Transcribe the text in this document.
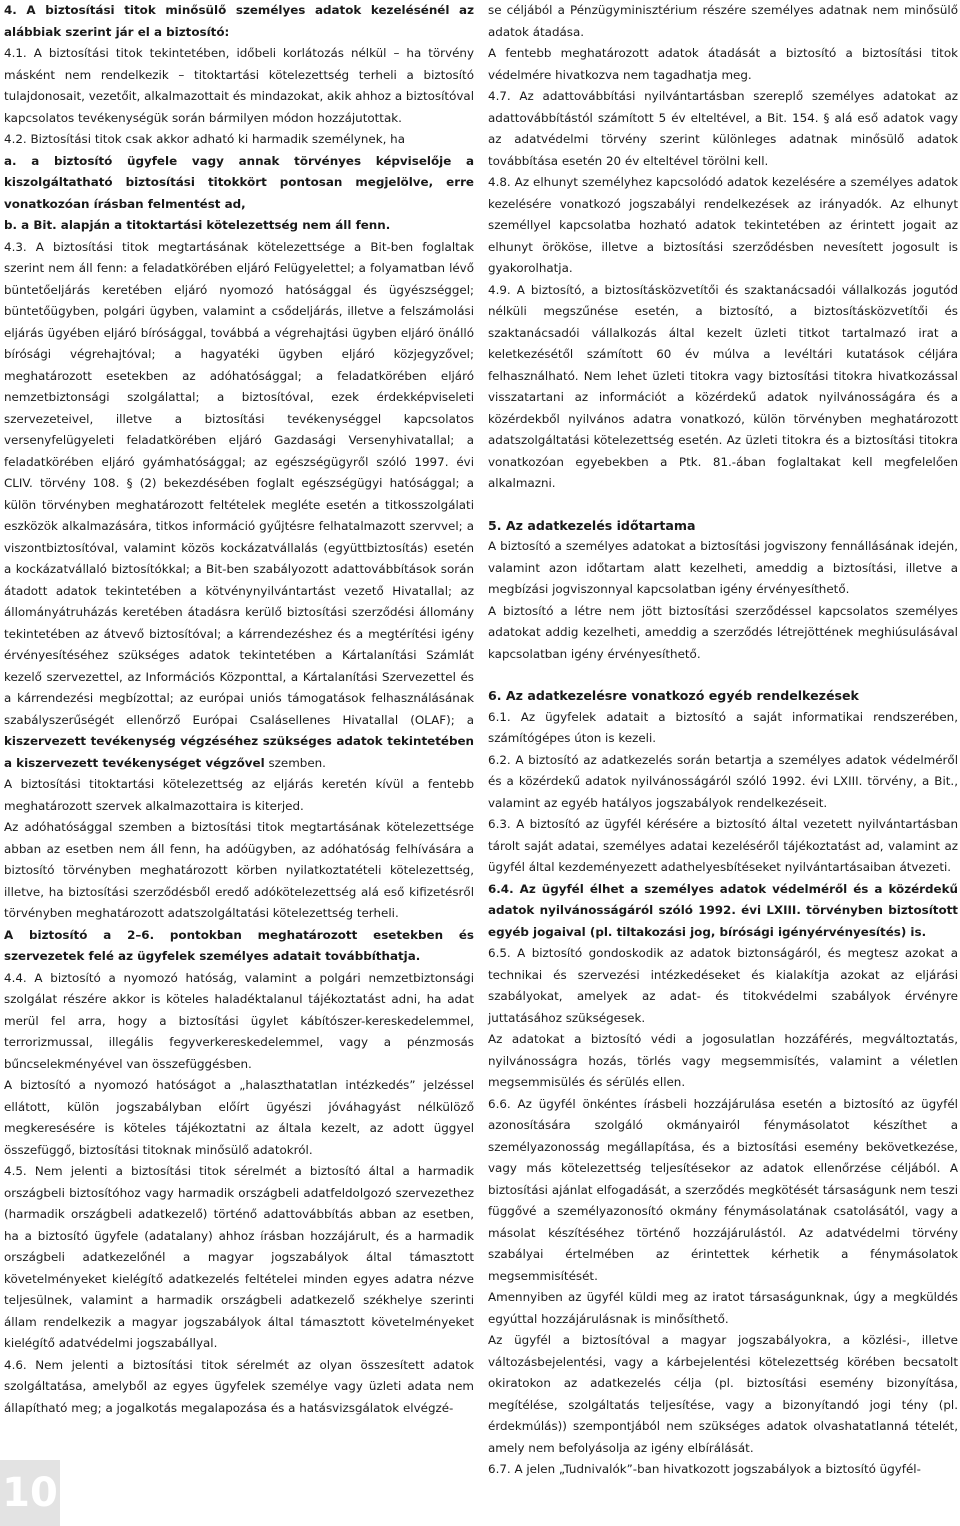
4. A biztosítási titok minősülő személyes adatok kezelésénél az alábbiak szerint jár el a biztosító:

4.1. A biztosítási titok tekintetében, időbeli korlátozás nélkül – ha törvény másként nem rendelkezik – titoktartási kötelezettség terheli a biztosító tulajdonosait, vezetőit, alkalmazottait és mindazokat, akik ahhoz a biztosítóval kapcsolatos tevékenységük során bármilyen módon hozzájutottak.

4.2. Biztosítási titok csak akkor adható ki harmadik személynek, ha

a. a biztosító ügyfele vagy annak törvényes képviselője a kiszolgáltatható biztosítási titokkört pontosan megjelölve, erre vonatkozóan írásban felmentést ad,

b. a Bit. alapján a titoktartási kötelezettség nem áll fenn.

4.3. A biztosítási titok megtartásának kötelezettsége a Bit-ben foglaltak szerint nem áll fenn: a feladatkörében eljáró Felügyelettel; a folyamatban lévő büntetőeljárás keretében eljáró nyomozó hatósággal és ügyészséggel; büntetőügyben, polgári ügyben, valamint a csődeljárás, illetve a felszámolási eljárás ügyében eljáró bírósággal, továbbá a végrehajtási ügyben eljáró önálló bírósági végrehajtóval; a hagyatéki ügyben eljáró közjegyzővel; meghatározott esetekben az adóhatósággal; a feladatkörében eljáró nemzetbiztonsági szolgálattal; a biztosítóval, ezek érdekképviseleti szervezeteivel, illetve a biztosítási tevékenységgel kapcsolatos versenyfelügyeleti feladatkörében eljáró Gazdasági Versenyhivatallal; a feladatkörében eljáró gyámhatósággal; az egészségügyről szóló 1997. évi CLIV. törvény 108. § (2) bekezdésében foglalt egészségügyi hatósággal; a külön törvényben meghatározott feltételek megléte esetén a titkosszolgálati eszközök alkalmazására, titkos információ gyűjtésre felhatalmazott szervvel; a viszontbiztosítóval, valamint közös kockázatvállalás (együttbiztosítás) esetén a kockázatvállaló biztosítókkal; a Bit-ben szabályozott adattovábbítások során átadott adatok tekintetében a kötvénynyilvántartást vezető Hivatallal; az állományátruházás keretében átadásra kerülő biztosítási szerződési állomány tekintetében az átvevő biztosítóval; a kárrendezéshez és a megtérítési igény érvényesítéséhez szükséges adatok tekintetében a Kártalanítási Számlát kezelő szervezettel, az Információs Központtal, a Kártalanítási Szervezettel és a kárrendezési megbízottal; az európai uniós támogatások felhasználásának szabályszerűségét ellenőrző Európai Csalásellenes Hivatallal (OLAF); a kiszervezett tevékenység végzéséhez szükséges adatok tekintetében a kiszervezett tevékenységet végzővel szemben.

A biztosítási titoktartási kötelezettség az eljárás keretén kívül a fentebb meghatározott szervek alkalmazottaira is kiterjed.

Az adóhatósággal szemben a biztosítási titok megtartásának kötelezettsége abban az esetben nem áll fenn, ha adóügyben, az adóhatóság felhívására a biztosító törvényben meghatározott körben nyilatkoztatételi kötelezettség, illetve, ha biztosítási szerződésből eredő adókötelezettség alá eső kifizetésről törvényben meghatározott adatszolgáltatási kötelezettség terheli.

A biztosító a 2–6. pontokban meghatározott esetekben és szervezetek felé az ügyfelek személyes adatait továbbíthatja.

4.4. A biztosító a nyomozó hatóság, valamint a polgári nemzetbiztonsági szolgálat részére akkor is köteles haladéktalanul tájékoztatást adni, ha adat merül fel arra, hogy a biztosítási ügylet kábítószer-kereskedelemmel, terrorizmussal, illegális fegyverkereskedelemmel, vagy a pénzmosás bűncselekményével van összefüggésben.

A biztosító a nyomozó hatóságot a „halaszthatatlan intézkedés” jelzéssel ellátott, külön jogszabályban előírt ügyészi jóváhagyást nélkülöző megkeresésére is köteles tájékoztatni az általa kezelt, az adott üggyel összefüggő, biztosítási titoknak minősülő adatokról.

4.5. Nem jelenti a biztosítási titok sérelmét a biztosító által a harmadik országbeli biztosítóhoz vagy harmadik országbeli adatfeldolgozó szervezethez (harmadik országbeli adatkezelő) történő adattovábbítás abban az esetben, ha a biztosító ügyfele (adatalany) ahhoz írásban hozzájárult, és a harmadik országbeli adatkezelőnél a magyar jogszabályok által támasztott követelményeket kielégítő adatkezelés feltételei minden egyes adatra nézve teljesülnek, valamint a harmadik országbeli adatkezelő székhelye szerinti állam rendelkezik a magyar jogszabályok által támasztott követelményeket kielégítő adatvédelmi jogszabállyal.

4.6. Nem jelenti a biztosítási titok sérelmét az olyan összesített adatok szolgáltatása, amelyből az egyes ügyfelek személye vagy üzleti adata nem állapítható meg; a jogalkotás megalapozása és a hatásvizsgálatok elvégzé-

se céljából a Pénzügyminisztérium részére személyes adatnak nem minősülő adatok átadása.

A fentebb meghatározott adatok átadását a biztosító a biztosítási titok védelmére hivatkozva nem tagadhatja meg.

4.7. Az adattovábbítási nyilvántartásban szereplő személyes adatokat az adattovábbítástól számított 5 év elteltével, a Bit. 154. § alá eső adatok vagy az adatvédelmi törvény szerint különleges adatnak minősülő adatok továbbítása esetén 20 év elteltével törölni kell.

4.8. Az elhunyt személyhez kapcsolódó adatok kezelésére a személyes adatok kezelésére vonatkozó jogszabályi rendelkezések az irányadók. Az elhunyt személlyel kapcsolatba hozható adatok tekintetében az érintett jogait az elhunyt örököse, illetve a biztosítási szerződésben nevesített jogosult is gyakorolhatja.

4.9. A biztosító, a biztosításközvetítői és szaktanácsadói vállalkozás jogutód nélküli megszűnése esetén, a biztosító, a biztosításközvetítői és szaktanácsadói vállalkozás által kezelt üzleti titkot tartalmazó irat a keletkezésétől számított 60 év múlva a levéltári kutatások céljára felhasználható. Nem lehet üzleti titokra vagy biztosítási titokra hivatkozással visszatartani az információt a közérdekű adatok nyilvánosságára és a közérdekből nyilvános adatra vonatkozó, külön törvényben meghatározott adatszolgáltatási kötelezettség esetén. Az üzleti titokra és a biztosítási titokra vonatkozóan egyebekben a Ptk. 81.-ában foglaltakat kell megfelelően alkalmazni.

5. Az adatkezelés időtartama

A biztosító a személyes adatokat a biztosítási jogviszony fennállásának idején, valamint azon időtartam alatt kezelheti, ameddig a biztosítási, illetve a megbízási jogviszonnyal kapcsolatban igény érvényesíthető.

A biztosító a létre nem jött biztosítási szerződéssel kapcsolatos személyes adatokat addig kezelheti, ameddig a szerződés létrejöttének meghiúsulásával kapcsolatban igény érvényesíthető.

6. Az adatkezelésre vonatkozó egyéb rendelkezések

6.1. Az ügyfelek adatait a biztosító a saját informatikai rendszerében, számítógépes úton is kezeli.

6.2. A biztosító az adatkezelés során betartja a személyes adatok védelméről és a közérdekű adatok nyilvánosságáról szóló 1992. évi LXIII. törvény, a Bit., valamint az egyéb hatályos jogszabályok rendelkezéseit.

6.3. A biztosító az ügyfél kérésére a biztosító által vezetett nyilvántartásban tárolt saját adatai, személyes adatai kezeléséről tájékoztatást ad, valamint az ügyfél által kezdeményezett adathelyesbítéseket nyilvántartásaiban átvezeti.

6.4. Az ügyfél élhet a személyes adatok védelméről és a közérdekű adatok nyilvánosságáról szóló 1992. évi LXIII. törvényben biztosított egyéb jogaival (pl. tiltakozási jog, bírósági igényérvényesítés) is.

6.5. A biztosító gondoskodik az adatok biztonságáról, és megtesz azokat a technikai és szervezési intézkedéseket és kialakítja azokat az eljárási szabályokat, amelyek az adat- és titokvédelmi szabályok érvényre juttatásához szükségesek.

Az adatokat a biztosító védi a jogosulatlan hozzáférés, megváltoztatás, nyilvánosságra hozás, törlés vagy megsemmisítés, valamint a véletlen megsemmisülés és sérülés ellen.

6.6. Az ügyfél önkéntes írásbeli hozzájárulása esetén a biztosító az ügyfél azonosítására szolgáló okmányairól fénymásolatot készíthet a személyazonosság megállapítása, és a biztosítási esemény bekövetkezése, vagy más kötelezettség teljesítésekor az adatok ellenőrzése céljából. A biztosítási ajánlat elfogadását, a szerződés megkötését társaságunk nem teszi függővé a személyazonosító okmány fénymásolatának csatolásától, vagy a másolat készítéséhez történő hozzájárulástól. Az adatvédelmi törvény szabályai értelmében az érintettek kérhetik a fénymásolatok megsemmisítését.

Amennyiben az ügyfél küldi meg az iratot társaságunknak, úgy a megküldés egyúttal hozzájárulásnak is minősíthető.

Az ügyfél a biztosítóval a magyar jogszabályokra, a közlési-, illetve változásbejelentési, vagy a kárbejelentési kötelezettség körében becsatolt okiratokon az adatkezelés célja (pl. biztosítási esemény bizonyítása, megítélése, szolgáltatás teljesítése, vagy a bizonyítandó jogi tény (pl. érdekmúlás)) szempontjából nem szükséges adatok olvashatatlanná tételét, amely nem befolyásolja az igény elbírálását.

6.7. A jelen „Tudnivalók”-ban hivatkozott jogszabályok a biztosító ügyfél-

10
